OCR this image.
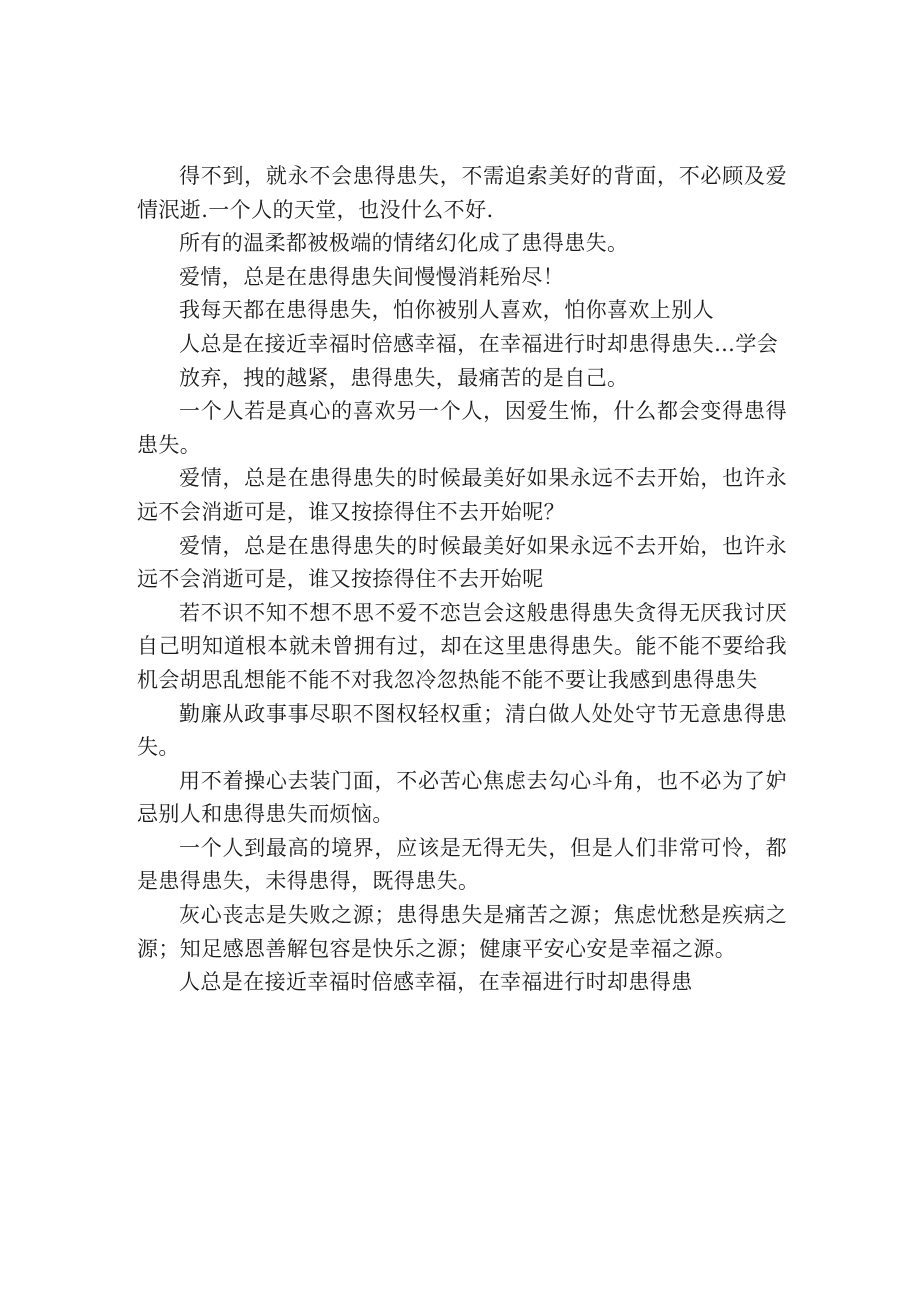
得不到，就永不会患得患失，不需追索美好的背面，不必顾及爱情泯逝.一个人的天堂，也没什么不好.

所有的温柔都被极端的情绪幻化成了患得患失。

爱情，总是在患得患失间慢慢消耗殆尽！

我每天都在患得患失，怕你被别人喜欢，怕你喜欢上别人

人总是在接近幸福时倍感幸福，在幸福进行时却患得患失…学会

放弃，拽的越紧，患得患失，最痛苦的是自己。

一个人若是真心的喜欢另一个人，因爱生怖，什么都会变得患得患失。

爱情，总是在患得患失的时候最美好如果永远不去开始，也许永远不会消逝可是，谁又按捺得住不去开始呢？

爱情，总是在患得患失的时候最美好如果永远不去开始，也许永远不会消逝可是，谁又按捺得住不去开始呢

若不识不知不想不思不爱不恋岂会这般患得患失贪得无厌我讨厌自己明知道根本就未曾拥有过，却在这里患得患失。能不能不要给我机会胡思乱想能不能不对我忽冷忽热能不能不要让我感到患得患失

勤廉从政事事尽职不图权轻权重；清白做人处处守节无意患得患失。

用不着操心去装门面，不必苦心焦虑去勾心斗角，也不必为了妒忌别人和患得患失而烦恼。

一个人到最高的境界，应该是无得无失，但是人们非常可怜，都是患得患失，未得患得，既得患失。

灰心丧志是失败之源；患得患失是痛苦之源；焦虑忧愁是疾病之源；知足感恩善解包容是快乐之源；健康平安心安是幸福之源。

人总是在接近幸福时倍感幸福，在幸福进行时却患得患
